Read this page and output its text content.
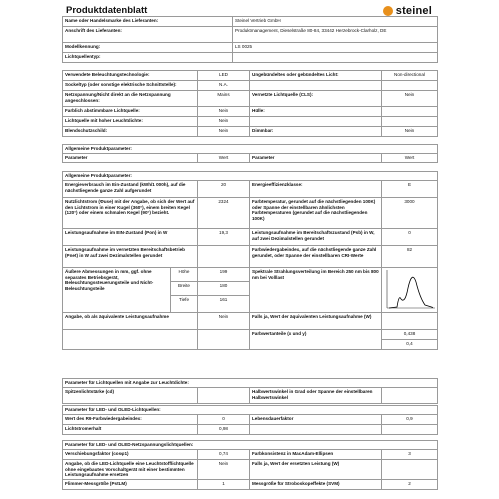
Produktdatenblatt	steinel
Name oder Handelsmarke des Lieferanten:	Steinel Vertrieb GmbH
Anschrift des Lieferanten:	Produktmanagement, Dieselstraße 80-84, 33442 Herzebrock-Clarholz, DE
Modellkennung:	LS 0025
Lichtquellentyp:	
Verwendete Beleuchtungstechnologie:	LED	Ungebündeltes oder gebündeltes Licht:	Non-directional
Sockeltyp (oder sonstige elektrische Schnittstelle):	N.A.		
Netzspannung/Nicht direkt an die Netzspannung angeschlossen:	Mains	Vernetzte Lichtquelle (CLS):	Nein
Farblich abstimmbare Lichtquelle:	Nein	Hülle:	
Lichtquelle mit hoher Leuchtdichte:	Nein		
Blendschutzschild:	Nein	Dimmbar:	Nein
Allgemeine Produktparameter:
Parameter	Wert	Parameter	Wert
Allgemeine Produktparameter:				
Energieverbrauch im Ein-Zustand (kWh/1 000h), auf die nächstliegende ganze Zahl aufgerundet		20	Energieeffizienzklasse:	E
Nutzlichtstrom (Φuse) mit der Angabe, ob sich der Wert auf den Lichtstrom in einer Kugel (360°), einem breiten Kegel (120°) oder einem schmalen Kegel (90°) bezieht.		2324	Farbtemperatur, gerundet auf die nächstliegenden 100K) oder Spanne der einstellbaren ähnlichsten Farbtemperaturen (gerundet auf die nächstliegenden 100K)	3000
Leistungsaufnahme im EIN-Zustand (Pon) in W		19,3	Leistungsaufnahme im Bereitschaftszustand (Psb) in W, auf zwei Dezimalstellen gerundet	0
Leistungsaufnahme im vernetzten Bereitschaftsbetrieb (Pnet) in W auf zwei Dezimalstellen gerundet			Farbwiedergabeindex, auf die nächstliegende ganze Zahl gerundet, oder Spanne der einstellbaren CRI-Werte	82
Äußere Abmessungen in mm, ggf. ohne separates Betriebsgerät, Beleuchtungssteuerungsteile und Nicht-Beleuchtungsteile	Höhe	199	Spektrale Strahlungsverteilung im Bereich 250 nm bis 800 nm bei Volllast	

	Breite	180		
	Tiefe	161		
Angabe, ob als äquivalente Leistungsaufnahme		Nein	Falls ja, Wert der äquivalenten Leistungsaufnahme (W)	
			Farbwertanteile (x und y)	0,438
				0,4
Parameter für Lichtquellen mit Angabe zur Leuchtdichte:
Spitzenlichtstärke (cd)		Halbwertswinkel in Grad oder Spanne der einstellbaren Halbwertswinkel	
Parameter für LED- und OLED-Lichtquellen:			
Wert des R9-Farbwiedergabeindex:	0	Lebensdauerfaktor	0,9
Lichtstromerhalt	0,98		
Parameter für LED- und OLED-Netzspannungslichtquellen:			
Verschiebungsfaktor (cosφ1)	0,74	Farbkonsistenz in MacAdam-Ellipsen	3
Angabe, ob die LED-Lichtquelle eine Leuchtstofflichtquelle ohne eingebautes Vorschaltgerät mit einer bestimmten Leistungsaufnahme ersetzen	Nein	Falls ja, Wert der ersetzten Leistung (W)	
Flimmer-Messgröße (PstLM)	1	Messgröße für Stroboskopeffekte (SVM)	2
